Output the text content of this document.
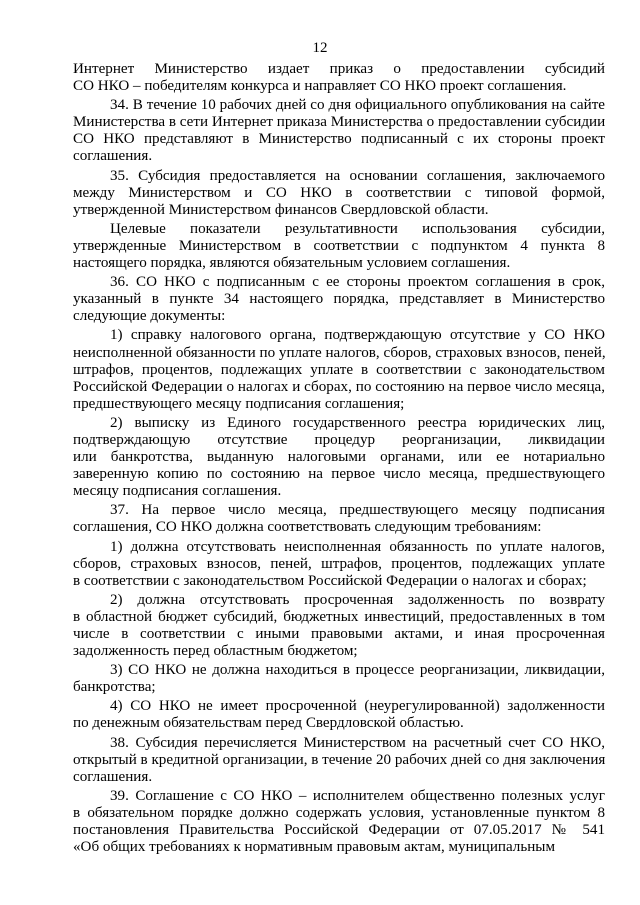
12
Интернет Министерство издает приказ о предоставлении субсидий
СО НКО – победителям конкурса и направляет СО НКО проект соглашения.
34. В течение 10 рабочих дней со дня официального опубликования на сайте
Министерства в сети Интернет приказа Министерства о предоставлении субсидии
СО НКО представляют в Министерство подписанный с их стороны проект
соглашения.
35. Субсидия предоставляется на основании соглашения, заключаемого
между Министерством и СО НКО в соответствии с типовой формой,
утвержденной Министерством финансов Свердловской области.
Целевые показатели результативности использования субсидии,
утвержденные Министерством в соответствии с подпунктом 4 пункта 8
настоящего порядка, являются обязательным условием соглашения.
36. СО НКО с подписанным с ее стороны проектом соглашения в срок,
указанный в пункте 34 настоящего порядка, представляет в Министерство
следующие документы:
1) справку налогового органа, подтверждающую отсутствие у СО НКО
неисполненной обязанности по уплате налогов, сборов, страховых взносов, пеней,
штрафов, процентов, подлежащих уплате в соответствии с законодательством
Российской Федерации о налогах и сборах, по состоянию на первое число месяца,
предшествующего месяцу подписания соглашения;
2) выписку из Единого государственного реестра юридических лиц,
подтверждающую отсутствие процедур реорганизации, ликвидации
или банкротства, выданную налоговыми органами, или ее нотариально
заверенную копию по состоянию на первое число месяца, предшествующего
месяцу подписания соглашения.
37. На первое число месяца, предшествующего месяцу подписания
соглашения, СО НКО должна соответствовать следующим требованиям:
1) должна отсутствовать неисполненная обязанность по уплате налогов,
сборов, страховых взносов, пеней, штрафов, процентов, подлежащих уплате
в соответствии с законодательством Российской Федерации о налогах и сборах;
2) должна отсутствовать просроченная задолженность по возврату
в областной бюджет субсидий, бюджетных инвестиций, предоставленных в том
числе в соответствии с иными правовыми актами, и иная просроченная
задолженность перед областным бюджетом;
3) СО НКО не должна находиться в процессе реорганизации, ликвидации,
банкротства;
4) СО НКО не имеет просроченной (неурегулированной) задолженности
по денежным обязательствам перед Свердловской областью.
38. Субсидия перечисляется Министерством на расчетный счет СО НКО,
открытый в кредитной организации, в течение 20 рабочих дней со дня заключения
соглашения.
39. Соглашение с СО НКО – исполнителем общественно полезных услуг
в обязательном порядке должно содержать условия, установленные пунктом 8
постановления Правительства Российской Федерации от 07.05.2017 № 541
«Об общих требованиях к нормативным правовым актам, муниципальным
